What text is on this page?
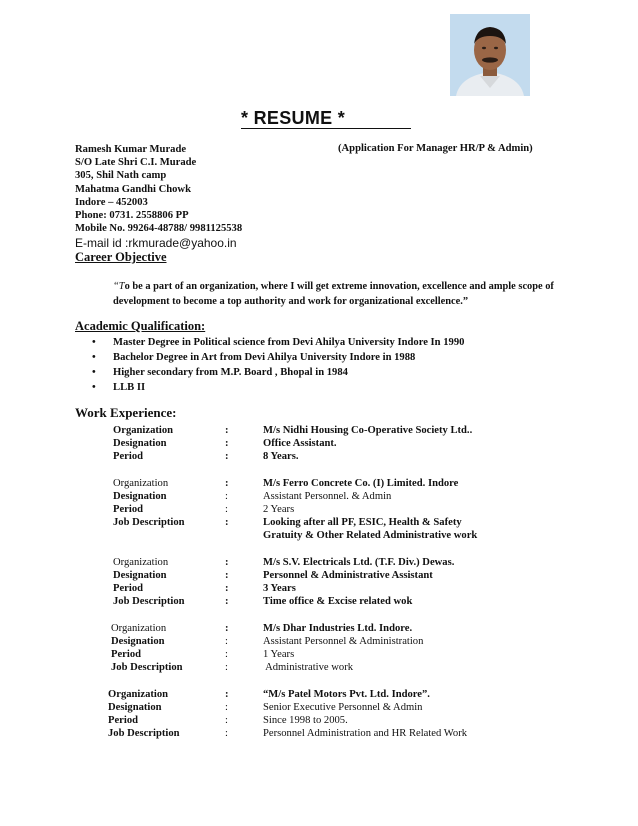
* RESUME *
Ramesh Kumar Murade
S/O Late Shri C.I. Murade
305, Shil Nath camp
Mahatma Gandhi Chowk
Indore – 452003
Phone: 0731. 2558806 PP
Mobile No. 99264-48788/ 9981125538
(Application For Manager HR/P & Admin)
E-mail id :rkmurade@yahoo.in
Career Objective
“To be a part of an organization, where I will get extreme innovation, excellence and ample scope of development to become a top authority and work for organizational excellence.”
Academic Qualification:
• Master Degree in Political science from Devi Ahilya University Indore In 1990
• Bachelor Degree in Art from Devi Ahilya University Indore in 1988
• Higher secondary from M.P. Board , Bhopal in 1984
• LLB II
Work Experience:
Organization	:	M/s Nidhi Housing Co-Operative Society Ltd..
Designation	:	Office Assistant.
Period	:	8 Years.
Organization	:	M/s Ferro Concrete Co. (I) Limited. Indore
Designation	:	Assistant Personnel. & Admin
Period	:	2 Years
Job Description	:	Looking after all PF, ESIC, Health & Safety
Gratuity & Other Related Administrative work
Organization	:	M/s S.V. Electricals Ltd. (T.F. Div.) Dewas.
Designation	:	Personnel & Administrative Assistant
Period	:	3 Years
Job Description	:	Time office & Excise related wok
Organization	:	M/s Dhar Industries Ltd. Indore.
Designation	:	Assistant Personnel & Administration
Period	:	1 Years
Job Description	:	Administrative work
Organization	:	“M/s Patel Motors Pvt. Ltd. Indore”.
Designation	:	Senior Executive Personnel & Admin
Period	:	Since 1998 to 2005.
Job Description	:	Personnel Administration and HR Related Work
